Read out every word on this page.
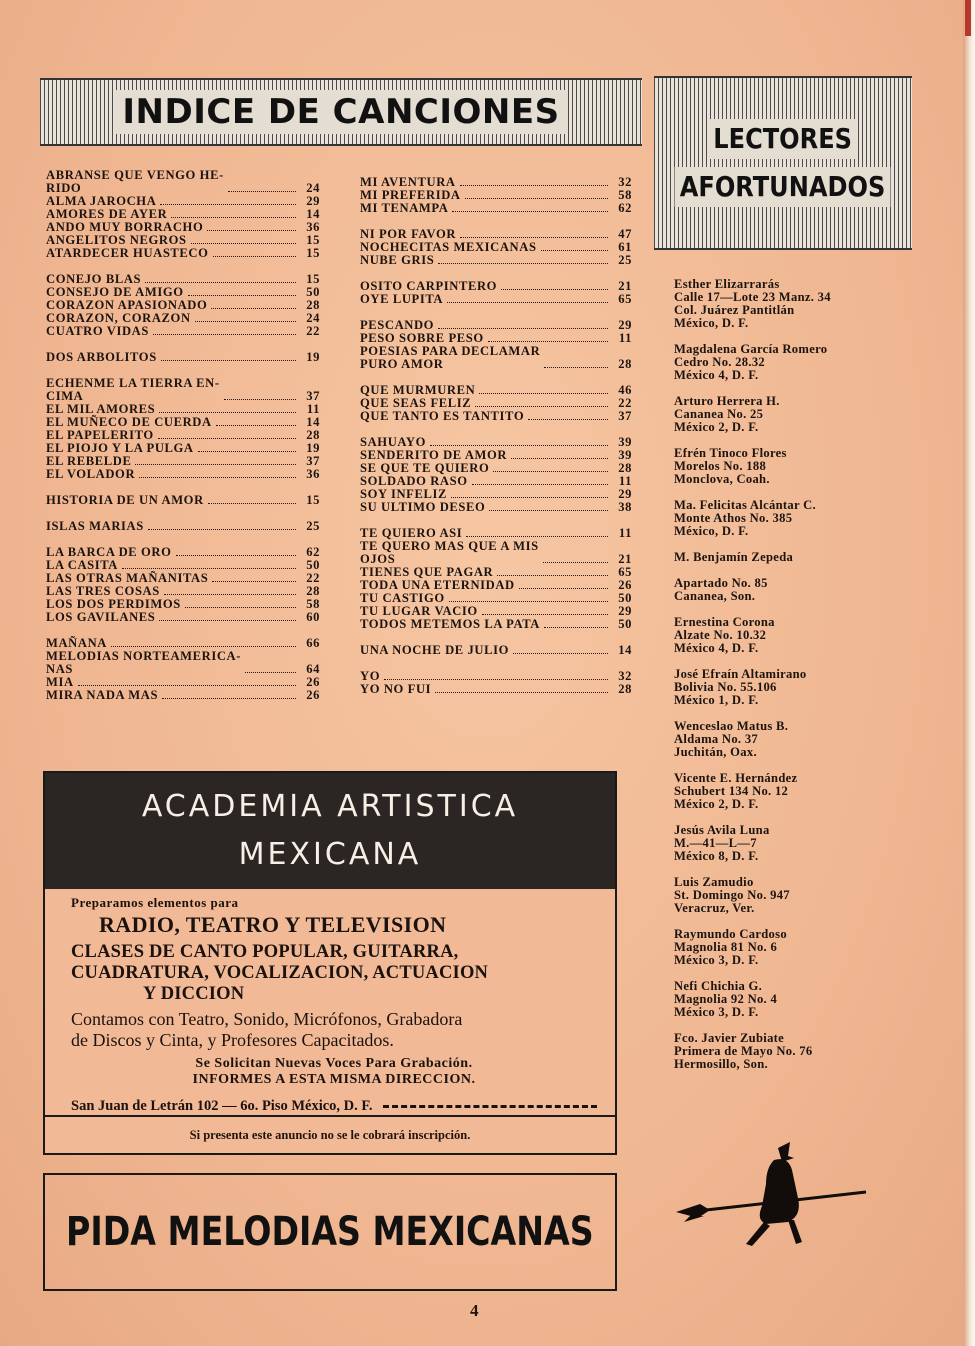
INDICE DE CANCIONES
ABRANSE QUE VENGO HE-
RIDO	24
ALMA JAROCHA	29
AMORES DE AYER	14
ANDO MUY BORRACHO	36
ANGELITOS NEGROS	15
ATARDECER HUASTECO	15
CONEJO BLAS	15
CONSEJO DE AMIGO	50
CORAZON APASIONADO	28
CORAZON, CORAZON	24
CUATRO VIDAS	22
DOS ARBOLITOS	19
ECHENME LA TIERRA EN-
CIMA	37
EL MIL AMORES	11
EL MUÑECO DE CUERDA	14
EL PAPELERITO	28
EL PIOJO Y LA PULGA	19
EL REBELDE	37
EL VOLADOR	36
HISTORIA DE UN AMOR	15
ISLAS MARIAS	25
LA BARCA DE ORO	62
LA CASITA	50
LAS OTRAS MAÑANITAS	22
LAS TRES COSAS	28
LOS DOS PERDIMOS	58
LOS GAVILANES	60
MAÑANA	66
MELODIAS NORTEAMERICA-
NAS	64
MIA	26
MIRA NADA MAS	26
MI AVENTURA	32
MI PREFERIDA	58
MI TENAMPA	62
NI POR FAVOR	47
NOCHECITAS MEXICANAS	61
NUBE GRIS	25
OSITO CARPINTERO	21
OYE LUPITA	65
PESCANDO	29
PESO SOBRE PESO	11
POESIAS PARA DECLAMAR
PURO AMOR	28
QUE MURMUREN	46
QUE SEAS FELIZ	22
QUE TANTO ES TANTITO	37
SAHUAYO	39
SENDERITO DE AMOR	39
SE QUE TE QUIERO	28
SOLDADO RASO	11
SOY INFELIZ	29
SU ULTIMO DESEO	38
TE QUIERO ASI	11
TE QUERO MAS QUE A MIS
OJOS	21
TIENES QUE PAGAR	65
TODA UNA ETERNIDAD	26
TU CASTIGO	50
TU LUGAR VACIO	29
TODOS METEMOS LA PATA	50
UNA NOCHE DE JULIO	14
YO	32
YO NO FUI	28
LECTORES
AFORTUNADOS
Esther Elizarrarás
Calle 17—Lote 23 Manz. 34
Col. Juárez Pantitlán
México, D. F.
Magdalena García Romero
Cedro No. 28.32
México 4, D. F.
Arturo Herrera H.
Cananea No. 25
México 2, D. F.
Efrén Tinoco Flores
Morelos No. 188
Monclova, Coah.
Ma. Felicitas Alcántar C.
Monte Athos No. 385
México, D. F.
M. Benjamín Zepeda
Apartado No. 85
Cananea, Son.
Ernestina Corona
Alzate No. 10.32
México 4, D. F.
José Efraín Altamirano
Bolivia No. 55.106
México 1, D. F.
Wenceslao Matus B.
Aldama No. 37
Juchitán, Oax.
Vicente E. Hernández
Schubert 134 No. 12
México 2, D. F.
Jesús Avila Luna
M.—41—L—7
México 8, D. F.
Luis Zamudio
St. Domingo No. 947
Veracruz, Ver.
Raymundo Cardoso
Magnolia 81 No. 6
México 3, D. F.
Nefi Chichia G.
Magnolia 92 No. 4
México 3, D. F.
Fco. Javier Zubiate
Primera de Mayo No. 76
Hermosillo, Son.
ACADEMIA ARTISTICA
MEXICANA
Preparamos elementos para
RADIO, TEATRO Y TELEVISION
CLASES DE CANTO POPULAR, GUITARRA,
CUADRATURA, VOCALIZACION, ACTUACION
Y DICCION
Contamos con Teatro, Sonido, Micrófonos, Grabadora
de Discos y Cinta, y Profesores Capacitados.
Se Solicitan Nuevas Voces Para Grabación.
INFORMES A ESTA MISMA DIRECCION.
San Juan de Letrán 102 — 6o. Piso México, D. F.
Si presenta este anuncio no se le cobrará inscripción.
PIDA MELODIAS MEXICANAS
4
